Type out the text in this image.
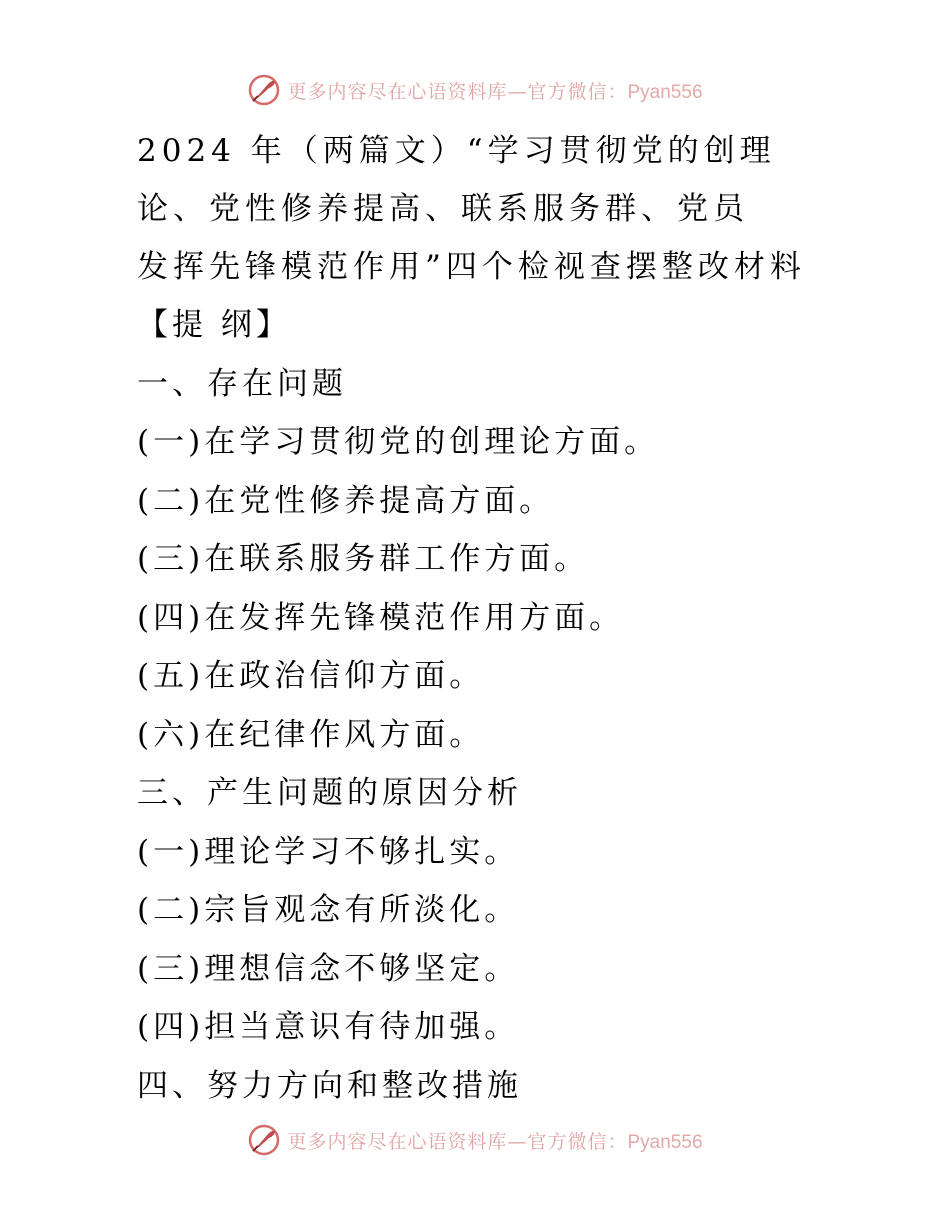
更多内容尽在心语资料库—官方微信：Pyan556
2024 年（两篇文）“学习贯彻党的创理
论、党性修养提高、联系服务群、党员
发挥先锋模范作用”四个检视查摆整改材料
【提 纲】
一、存在问题
(一)在学习贯彻党的创理论方面。
(二)在党性修养提高方面。
(三)在联系服务群工作方面。
(四)在发挥先锋模范作用方面。
(五)在政治信仰方面。
(六)在纪律作风方面。
三、产生问题的原因分析
(一)理论学习不够扎实。
(二)宗旨观念有所淡化。
(三)理想信念不够坚定。
(四)担当意识有待加强。
四、努力方向和整改措施
更多内容尽在心语资料库—官方微信：Pyan556
